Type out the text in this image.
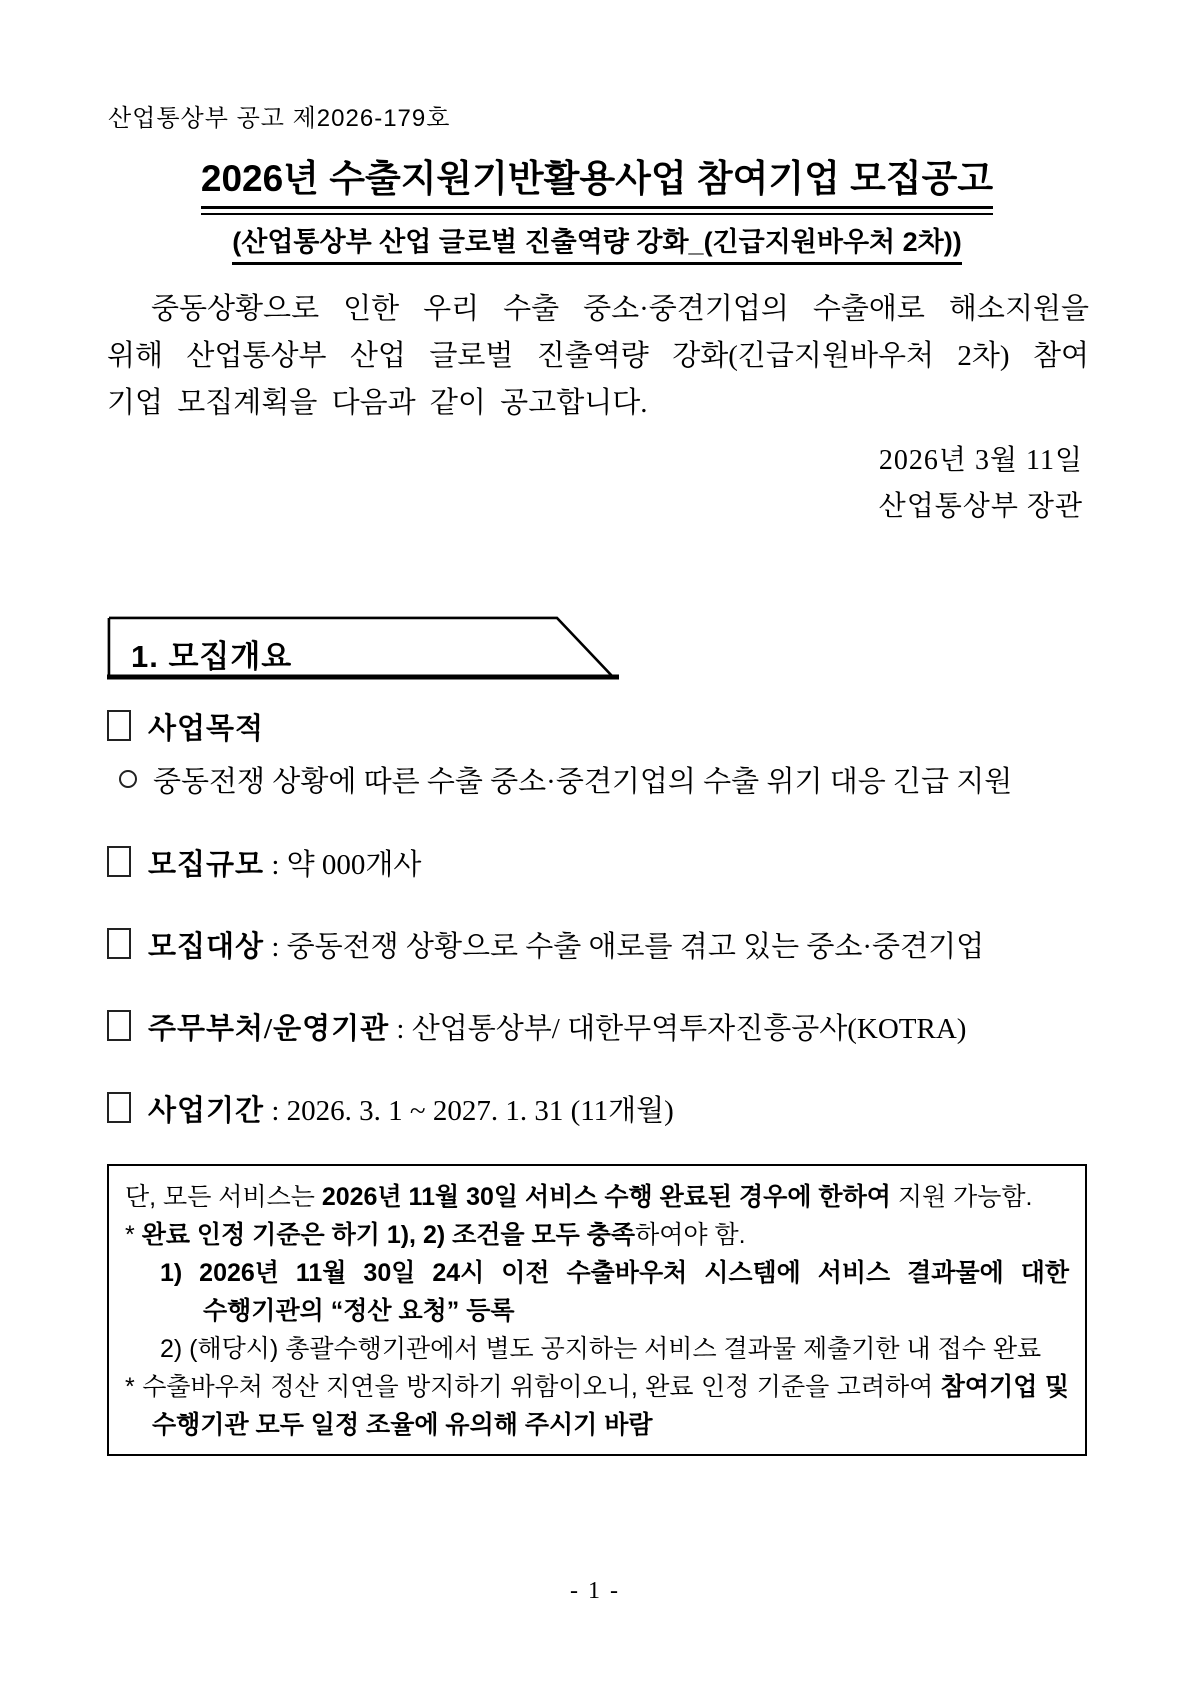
산업통상부 공고 제2026-179호
2026년 수출지원기반활용사업 참여기업 모집공고
(산업통상부 산업 글로벌 진출역량 강화_(긴급지원바우처 2차))
중동상황으로 인한 우리 수출 중소·중견기업의 수출애로 해소지원을 위해 산업통상부 산업 글로벌 진출역량 강화(긴급지원바우처 2차) 참여 기업 모집계획을 다음과 같이 공고합니다.
2026년 3월 11일
산업통상부 장관
1. 모집개요
사업목적
중동전쟁 상황에 따른 수출 중소·중견기업의 수출 위기 대응 긴급 지원
모집규모 : 약 000개사
모집대상 : 중동전쟁 상황으로 수출 애로를 겪고 있는 중소·중견기업
주무부처/운영기관 : 산업통상부/ 대한무역투자진흥공사(KOTRA)
사업기간 : 2026. 3. 1 ~ 2027. 1. 31 (11개월)

단, 모든 서비스는 2026년 11월 30일 서비스 수행 완료된 경우에 한하여 지원 가능함.

* 완료 인정 기준은 하기 1), 2) 조건을 모두 충족하여야 함.

1) 2026년 11월 30일 24시 이전 수출바우처 시스템에 서비스 결과물에 대한 수행기관의 “정산 요청” 등록

2) (해당시) 총괄수행기관에서 별도 공지하는 서비스 결과물 제출기한 내 접수 완료

* 수출바우처 정산 지연을 방지하기 위함이오니, 완료 인정 기준을 고려하여 참여기업 및 수행기관 모두 일정 조율에 유의해 주시기 바람

- 1 -
